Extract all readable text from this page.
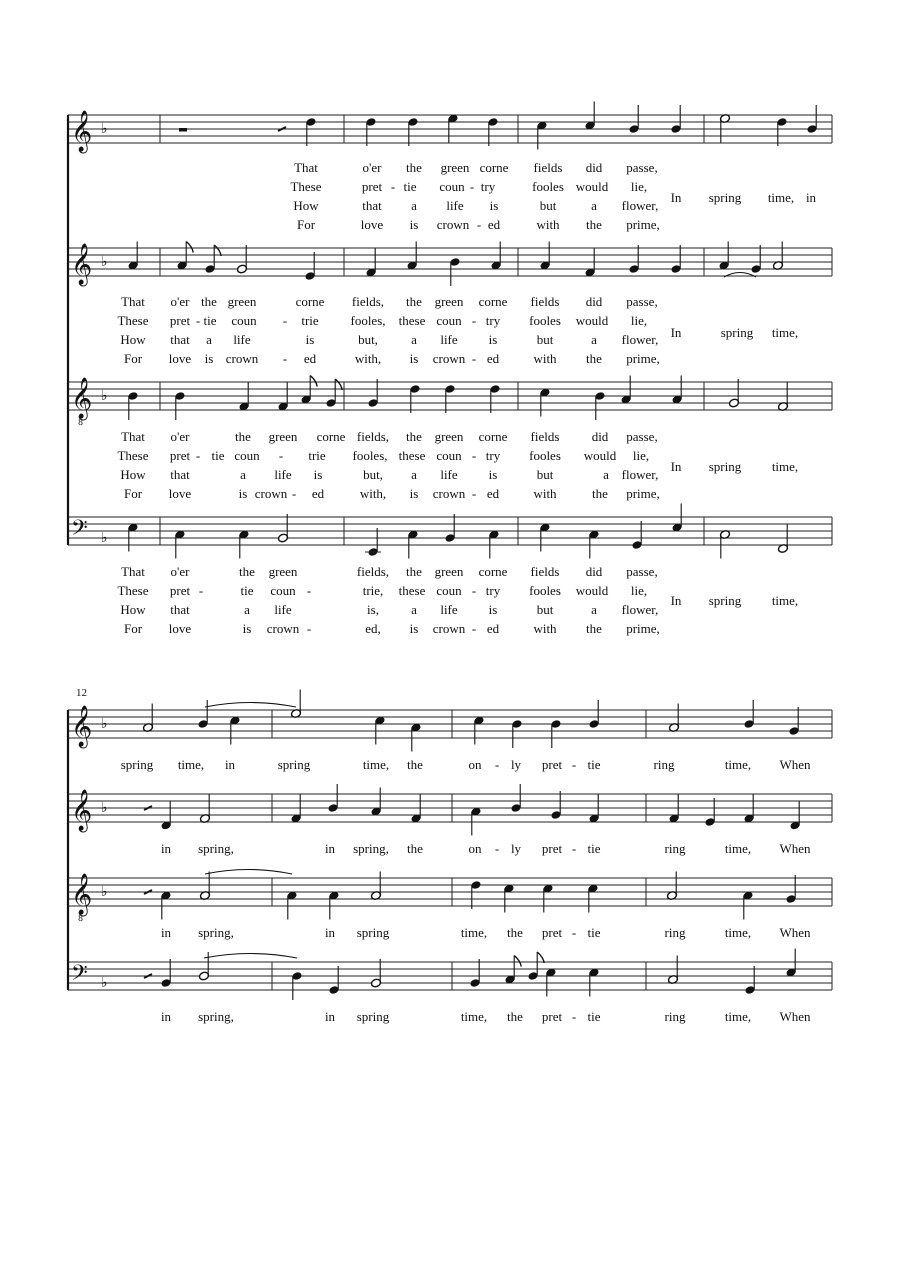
𝄞 ♭
𝄞 ♭
𝄞
8
♭
𝄢 ♭
𝄞 ♭
𝄞 ♭
𝄞
8
♭
𝄢 ♭
That	o'er the green corne fields did passe,
These	pret - tie coun - try	fooles would lie,
How	that a life is	but	a flower,
For	love is crown - ed	with the prime,
In spring time, in
That o'er the green	corne fields, the green corne fields did passe,
These pret - tie coun - trie fooles, these coun - try fooles would lie,
How that a life	is	but,	a life is	but	a flower,
For love is crown - ed	with, is crown - ed	with the prime,
In	spring time,
That o'er	the green corne fields, the green corne fields did passe,
These pret - tie coun - trie fooles, these coun - try fooles would lie,
How that	a life is	but, a life is	but	a flower,
For love	is crown - ed	with, is crown - ed	with	the prime,
In spring time,
That o'er	the green	fields, the green corne fields did passe,
These pret -	tie coun -	trie, these coun - try fooles would lie,
How that	a life	is, a life is	but	a flower,
For love	is crown -	ed, is crown - ed	with the prime,
In spring time,
spring time, in	spring	time, the	on - ly pret - tie	ring	time, When
in spring,	in spring, the	on - ly pret - tie	ring	time, When
in spring,	in spring	time, the pret - tie	ring	time, When
in spring,	in spring	time, the pret - tie	ring	time, When
12
